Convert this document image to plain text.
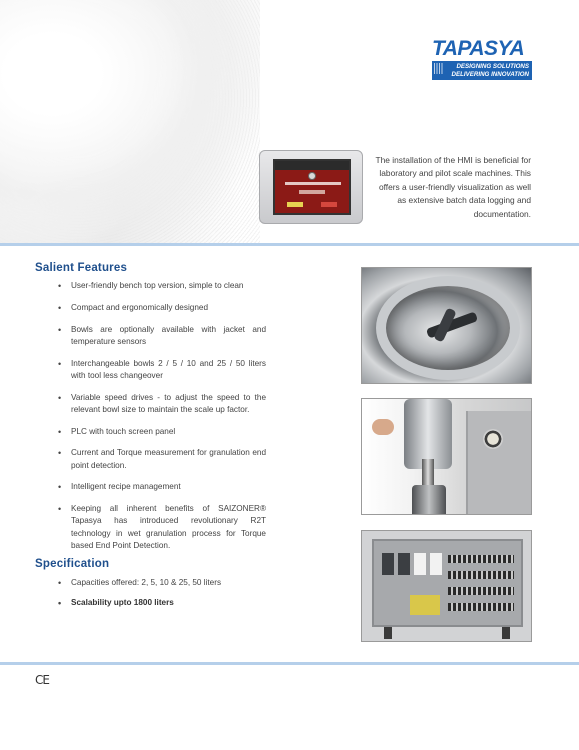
TAPASYA
DESIGNING SOLUTIONS
DELIVERING INNOVATION

The installation of the HMI is beneficial for laboratory and pilot scale machines. This offers a user-friendly visualization as well as extensive batch data logging and documentation.

Salient Features
• User-friendly bench top version, simple to clean
• Compact and ergonomically designed
• Bowls are optionally available with jacket and temperature sensors
• Interchangeable bowls 2 / 5 / 10 and 25 / 50 liters with tool less changeover
• Variable speed drives - to adjust the speed to the relevant bowl size to maintain the scale up factor.
• PLC with touch screen panel
• Current and Torque measurement for granulation end point detection.
• Intelligent recipe management
• Keeping all inherent benefits of SAIZONER® Tapasya has introduced revolutionary R2T technology in wet granulation process for Torque based End Point Detection.
Specification
• Capacities offered: 2, 5, 10 & 25, 50 liters
• Scalability upto 1800 liters
CE
